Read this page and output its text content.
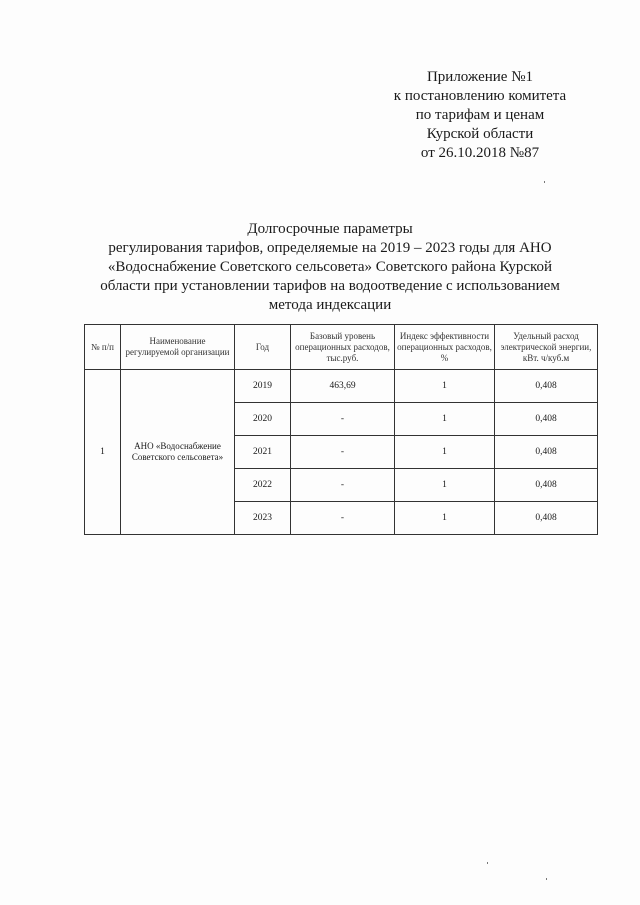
Приложение №1
к постановлению комитета
по тарифам и ценам
Курской области
от 26.10.2018 №87
Долгосрочные параметры
регулирования тарифов, определяемые на 2019 – 2023 годы для АНО
«Водоснабжение Советского сельсовета» Советского района Курской
области при установлении тарифов на водоотведение с использованием
метода индексации
№ п/п	Наименование регулируемой организации	Год	Базовый уровень операционных расходов, тыс.руб.	Индекс эффективности операционных расходов, %	Удельный расход электрической энергии, кВт. ч/куб.м
1	АНО «Водоснабжение Советского сельсовета»	2019	463,69	1	0,408
		2020	-	1	0,408
		2021	-	1	0,408
		2022	-	1	0,408
		2023	-	1	0,408
